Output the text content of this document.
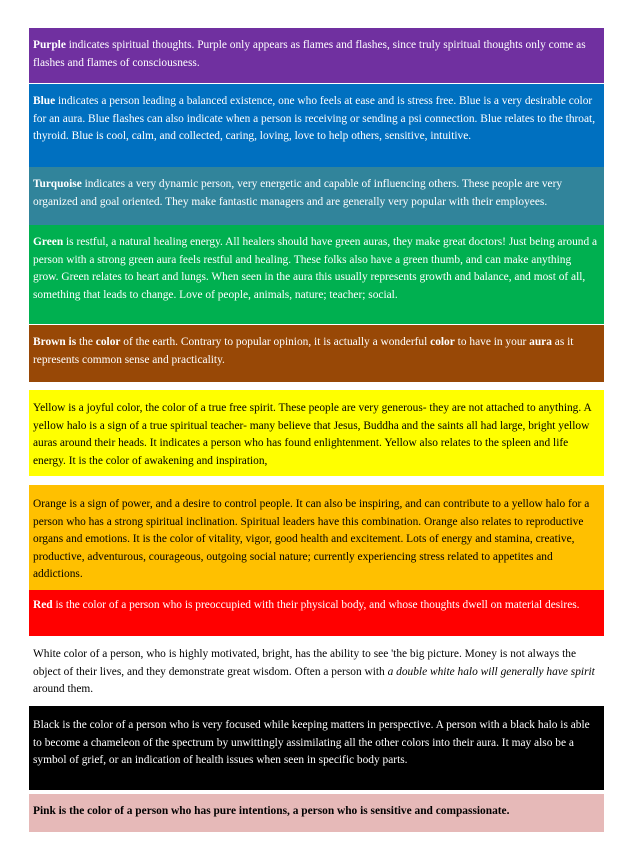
Purple indicates spiritual thoughts. Purple only appears as flames and flashes, since truly spiritual thoughts only come as flashes and flames of consciousness.

Blue indicates a person leading a balanced existence, one who feels at ease and is stress free. Blue is a very desirable color for an aura. Blue flashes can also indicate when a person is receiving or sending a psi connection. Blue relates to the throat, thyroid. Blue is cool, calm, and collected, caring, loving, love to help others, sensitive, intuitive.

Turquoise indicates a very dynamic person, very energetic and capable of influencing others. These people are very organized and goal oriented. They make fantastic managers and are generally very popular with their employees.

Green is restful, a natural healing energy. All healers should have green auras, they make great doctors! Just being around a person with a strong green aura feels restful and healing. These folks also have a green thumb, and can make anything grow. Green relates to heart and lungs. When seen in the aura this usually represents growth and balance, and most of all, something that leads to change. Love of people, animals, nature; teacher; social.

Brown is the color of the earth. Contrary to popular opinion, it is actually a wonderful color to have in your aura as it represents common sense and practicality.

Yellow is a joyful color, the color of a true free spirit. These people are very generous- they are not attached to anything. A yellow halo is a sign of a true spiritual teacher- many believe that Jesus, Buddha and the saints all had large, bright yellow auras around their heads. It indicates a person who has found enlightenment. Yellow also relates to the spleen and life energy. It is the color of awakening and inspiration,

Orange is a sign of power, and a desire to control people. It can also be inspiring, and can contribute to a yellow halo for a person who has a strong spiritual inclination. Spiritual leaders have this combination. Orange also relates to reproductive organs and emotions. It is the color of vitality, vigor, good health and excitement. Lots of energy and stamina, creative, productive, adventurous, courageous, outgoing social nature; currently experiencing stress related to appetites and addictions.

Red is the color of a person who is preoccupied with their physical body, and whose thoughts dwell on material desires.

White color of a person, who is highly motivated, bright, has the ability to see 'the big picture. Money is not always the object of their lives, and they demonstrate great wisdom. Often a person with a double white halo will generally have spirit around them.

Black is the color of a person who is very focused while keeping matters in perspective. A person with a black halo is able to become a chameleon of the spectrum by unwittingly assimilating all the other colors into their aura. It may also be a symbol of grief, or an indication of health issues when seen in specific body parts.

Pink is the color of a person who has pure intentions, a person who is sensitive and compassionate.
